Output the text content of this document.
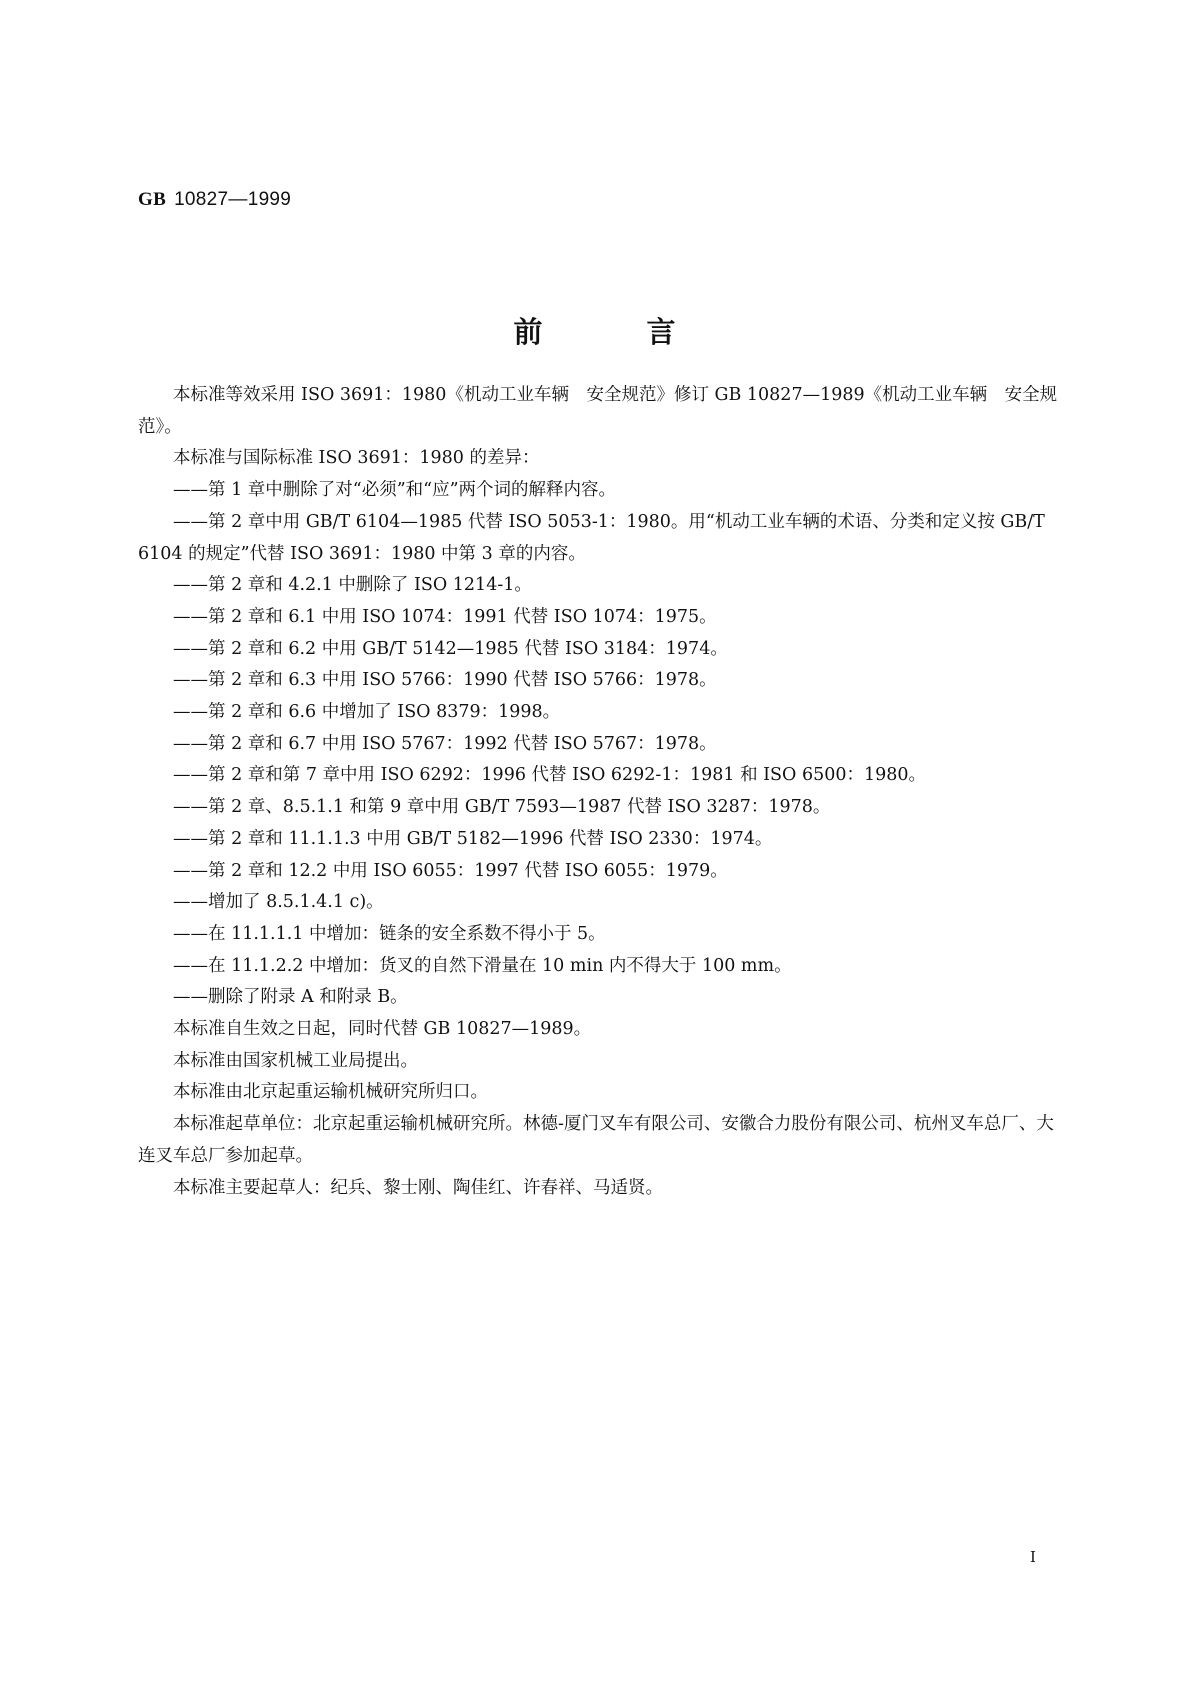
GB 10827—1999
前	言

本标准等效采用 ISO 3691：1980《机动工业车辆　安全规范》修订 GB 10827—1989《机动工业车辆　安全规范》。

本标准与国际标准 ISO 3691：1980 的差异：

——第 1 章中删除了对“必须”和“应”两个词的解释内容。

——第 2 章中用 GB/T 6104—1985 代替 ISO 5053-1：1980。用“机动工业车辆的术语、分类和定义按 GB/T 6104 的规定”代替 ISO 3691：1980 中第 3 章的内容。

——第 2 章和 4.2.1 中删除了 ISO 1214-1。

——第 2 章和 6.1 中用 ISO 1074：1991 代替 ISO 1074：1975。

——第 2 章和 6.2 中用 GB/T 5142—1985 代替 ISO 3184：1974。

——第 2 章和 6.3 中用 ISO 5766：1990 代替 ISO 5766：1978。

——第 2 章和 6.6 中增加了 ISO 8379：1998。

——第 2 章和 6.7 中用 ISO 5767：1992 代替 ISO 5767：1978。

——第 2 章和第 7 章中用 ISO 6292：1996 代替 ISO 6292-1：1981 和 ISO 6500：1980。

——第 2 章、8.5.1.1 和第 9 章中用 GB/T 7593—1987 代替 ISO 3287：1978。

——第 2 章和 11.1.1.3 中用 GB/T 5182—1996 代替 ISO 2330：1974。

——第 2 章和 12.2 中用 ISO 6055：1997 代替 ISO 6055：1979。

——增加了 8.5.1.4.1 c)。

——在 11.1.1.1 中增加：链条的安全系数不得小于 5。

——在 11.1.2.2 中增加：货叉的自然下滑量在 10 min 内不得大于 100 mm。

——删除了附录 A 和附录 B。

本标准自生效之日起，同时代替 GB 10827—1989。

本标准由国家机械工业局提出。

本标准由北京起重运输机械研究所归口。

本标准起草单位：北京起重运输机械研究所。林德-厦门叉车有限公司、安徽合力股份有限公司、杭州叉车总厂、大连叉车总厂参加起草。

本标准主要起草人：纪兵、黎士刚、陶佳红、许春祥、马适贤。

I
